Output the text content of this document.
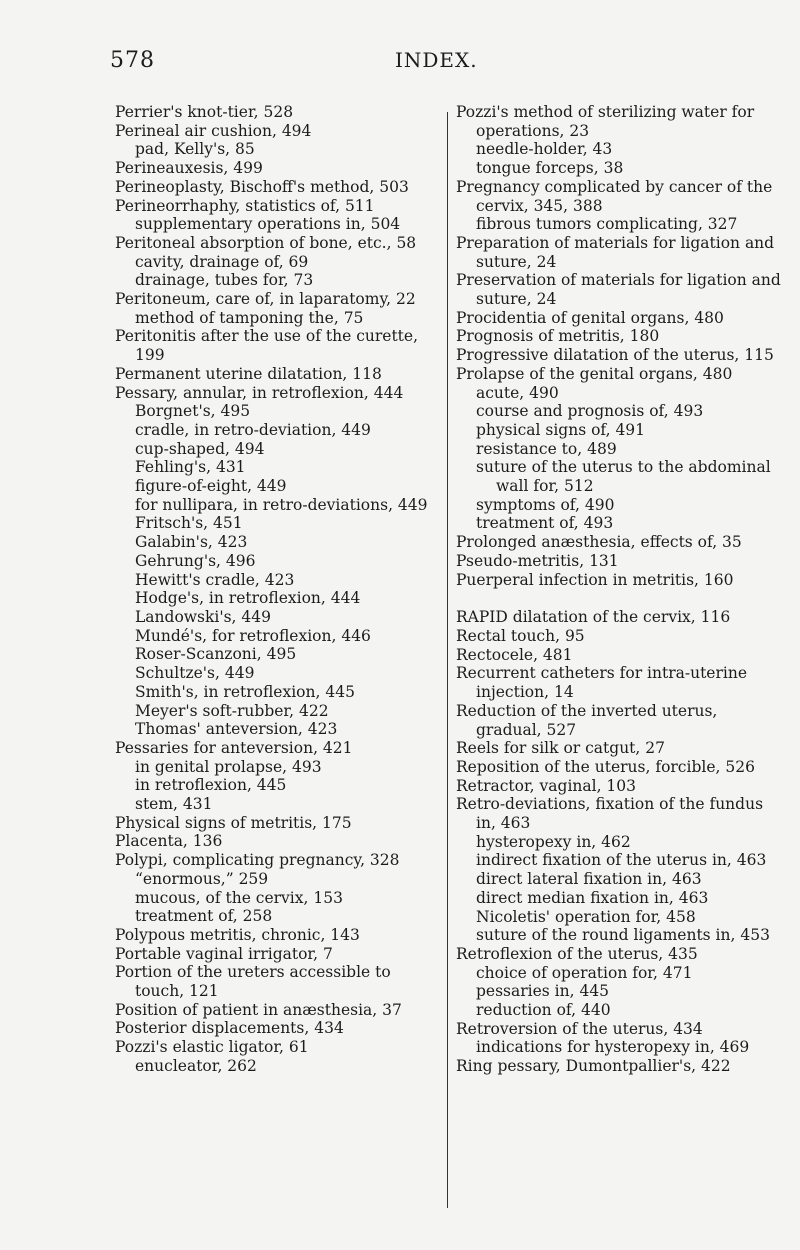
578	INDEX.

Perrier's knot-tier, 528

Perineal air cushion, 494

pad, Kelly's, 85

Perineauxesis, 499

Perineoplasty, Bischoff's method, 503

Perineorrhaphy, statistics of, 511

supplementary operations in, 504

Peritoneal absorption of bone, etc., 58

cavity, drainage of, 69

drainage, tubes for, 73

Peritoneum, care of, in laparatomy, 22

method of tamponing the, 75

Peritonitis after the use of the curette, 199

Permanent uterine dilatation, 118

Pessary, annular, in retroflexion, 444

Borgnet's, 495

cradle, in retro-deviation, 449

cup-shaped, 494

Fehling's, 431

figure-of-eight, 449

for nullipara, in retro-deviations, 449

Fritsch's, 451

Galabin's, 423

Gehrung's, 496

Hewitt's cradle, 423

Hodge's, in retroflexion, 444

Landowski's, 449

Mundé's, for retroflexion, 446

Roser-Scanzoni, 495

Schultze's, 449

Smith's, in retroflexion, 445

Meyer's soft-rubber, 422

Thomas' anteversion, 423

Pessaries for anteversion, 421

in genital prolapse, 493

in retroflexion, 445

stem, 431

Physical signs of metritis, 175

Placenta, 136

Polypi, complicating pregnancy, 328

“enormous,” 259

mucous, of the cervix, 153

treatment of, 258

Polypous metritis, chronic, 143

Portable vaginal irrigator, 7

Portion of the ureters accessible to touch, 121

Position of patient in anæsthesia, 37

Posterior displacements, 434

Pozzi's elastic ligator, 61

enucleator, 262

Pozzi's method of sterilizing water for operations, 23

needle-holder, 43

tongue forceps, 38

Pregnancy complicated by cancer of the cervix, 345, 388

fibrous tumors complicating, 327

Preparation of materials for ligation and suture, 24

Preservation of materials for ligation and suture, 24

Procidentia of genital organs, 480

Prognosis of metritis, 180

Progressive dilatation of the uterus, 115

Prolapse of the genital organs, 480

acute, 490

course and prognosis of, 493

physical signs of, 491

resistance to, 489

suture of the uterus to the abdominal wall for, 512

symptoms of, 490

treatment of, 493

Prolonged anæsthesia, effects of, 35

Pseudo-metritis, 131

Puerperal infection in metritis, 160

RAPID dilatation of the cervix, 116

Rectal touch, 95

Rectocele, 481

Recurrent catheters for intra-uterine injection, 14

Reduction of the inverted uterus, gradual, 527

Reels for silk or catgut, 27

Reposition of the uterus, forcible, 526

Retractor, vaginal, 103

Retro-deviations, fixation of the fundus in, 463

hysteropexy in, 462

indirect fixation of the uterus in, 463

direct lateral fixation in, 463

direct median fixation in, 463

Nicoletis' operation for, 458

suture of the round ligaments in, 453

Retroflexion of the uterus, 435

choice of operation for, 471

pessaries in, 445

reduction of, 440

Retroversion of the uterus, 434

indications for hysteropexy in, 469

Ring pessary, Dumontpallier's, 422
